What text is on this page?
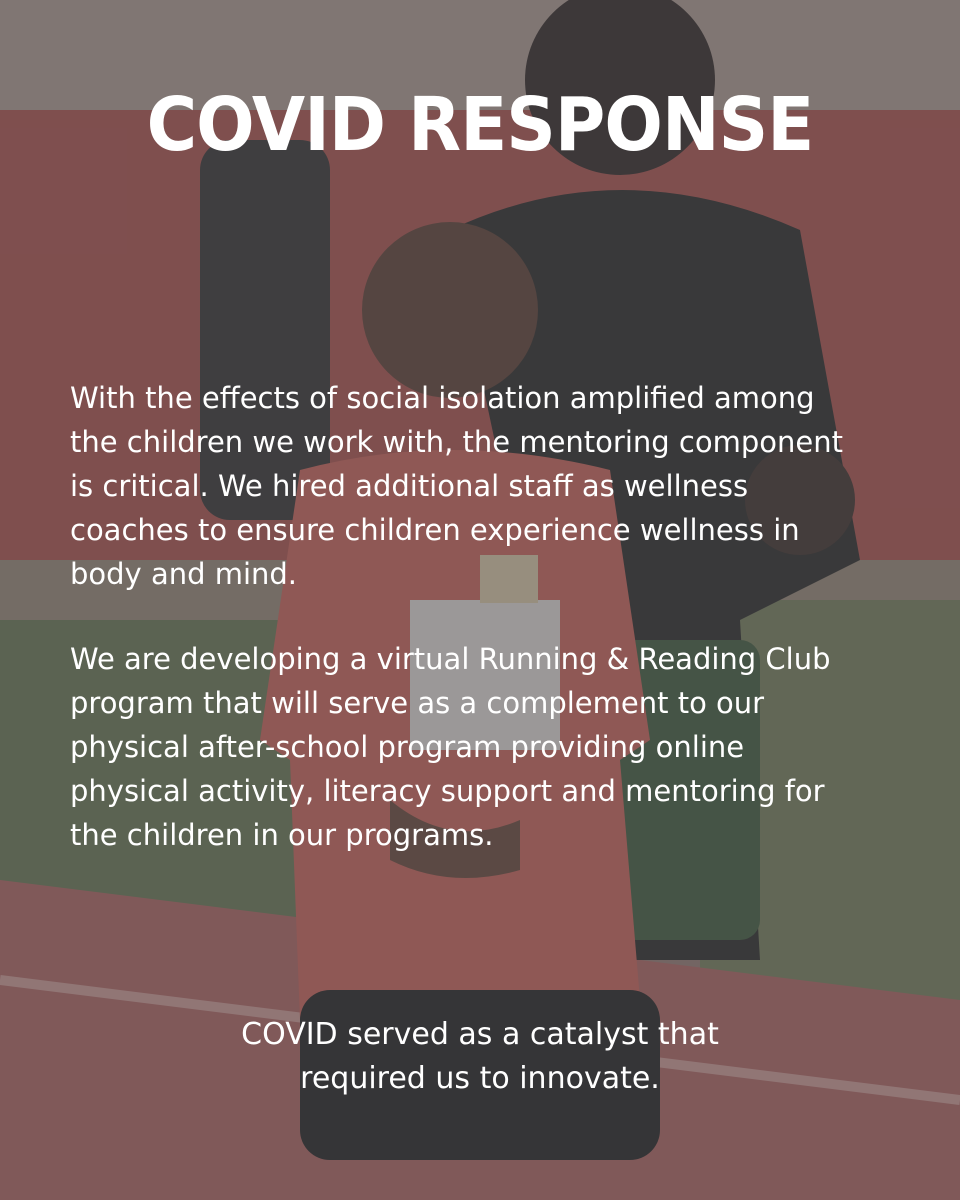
COVID RESPONSE
With the effects of social isolation amplified among
the children we work with, the mentoring component
is critical. We hired additional staff as wellness
coaches to ensure children experience wellness in
body and mind.
We are developing a virtual Running & Reading Club
program that will serve as a complement to our
physical after-school program providing online
physical activity, literacy support and mentoring for
the children in our programs.
COVID served as a catalyst that
required us to innovate.
